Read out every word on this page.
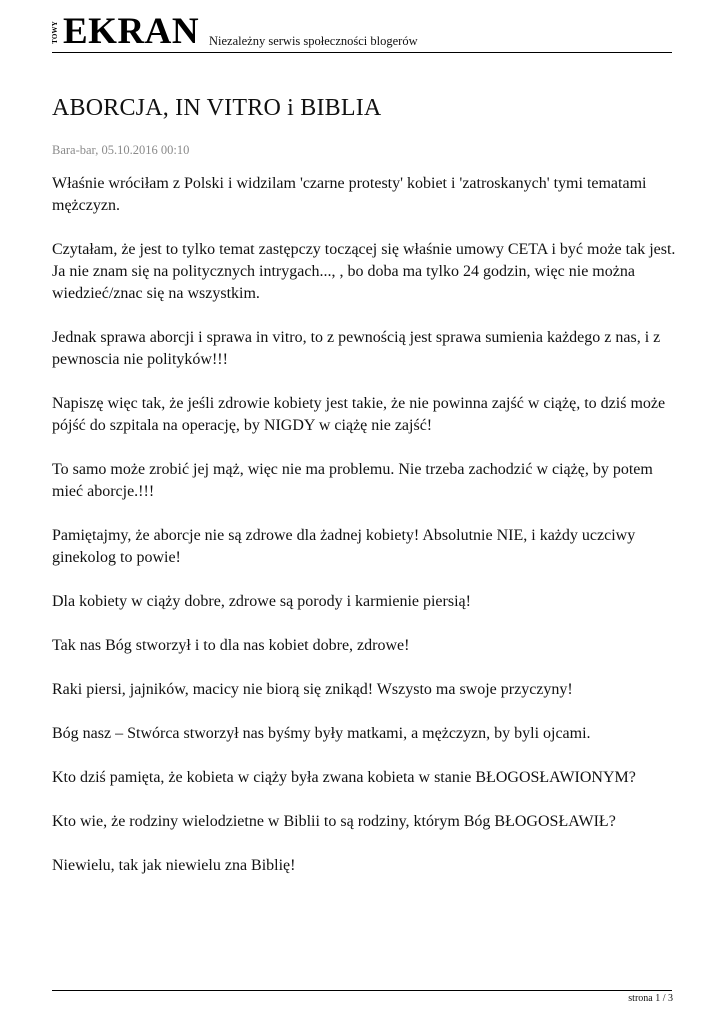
TOWY EKRAN Niezależny serwis społeczności blogerów
ABORCJA, IN VITRO i BIBLIA
Bara-bar, 05.10.2016 00:10

Właśnie wróciłam z Polski i widzilam 'czarne protesty' kobiet i 'zatroskanych' tymi tematami mężczyzn.

Czytałam, że jest to tylko temat zastępczy toczącej się właśnie umowy CETA i być może tak jest.
Ja nie znam się na politycznych intrygach..., , bo doba ma tylko 24 godzin, więc nie można wiedzieć/znac się na wszystkim.

Jednak sprawa aborcji i sprawa in vitro, to z pewnością jest sprawa sumienia każdego z nas, i z pewnoscia nie polityków!!!

Napiszę więc tak, że jeśli zdrowie kobiety jest takie, że nie powinna zajść w ciążę, to dziś może pójść do szpitala na operację, by NIGDY w ciążę nie zajść!

To samo może zrobić jej mąż, więc nie ma problemu. Nie trzeba zachodzić w ciążę, by potem mieć aborcje.!!!

Pamiętajmy, że aborcje nie są zdrowe dla żadnej kobiety! Absolutnie NIE, i każdy uczciwy ginekolog to powie!

Dla kobiety w ciąży dobre, zdrowe są porody i karmienie piersią!

Tak nas Bóg stworzył i to dla nas kobiet dobre, zdrowe!

Raki piersi, jajników, macicy nie biorą się znikąd! Wszysto ma swoje przyczyny!

Bóg nasz – Stwórca stworzył nas byśmy były matkami, a mężczyzn, by byli ojcami.

Kto dziś pamięta, że kobieta w ciąży była zwana kobieta w stanie BŁOGOSŁAWIONYM?

Kto wie, że rodziny wielodzietne w Biblii to są rodziny, którym Bóg BŁOGOSŁAWIŁ?

Niewielu, tak jak niewielu zna Biblię!

strona 1 / 3
